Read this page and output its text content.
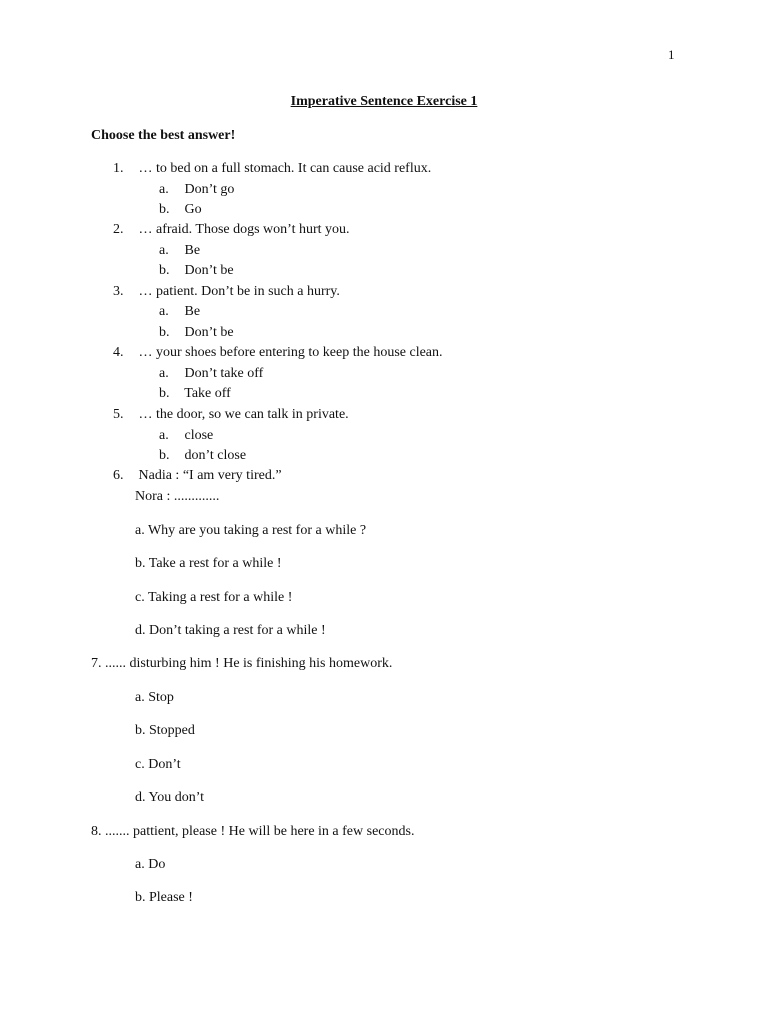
1
Imperative Sentence Exercise 1
Choose the best answer!
1. … to bed on a full stomach. It can cause acid reflux.
a. Don’t go
b. Go
2. … afraid. Those dogs won’t hurt you.
a. Be
b. Don’t be
3. … patient. Don’t be in such a hurry.
a. Be
b. Don’t be
4. … your shoes before entering to keep the house clean.
a. Don’t take off
b. Take off
5. … the door, so we can talk in private.
a. close
b. don’t close
6. Nadia : “I am very tired.”
Nora : .............
a. Why are you taking a rest for a while ?
b. Take a rest for a while !
c. Taking a rest for a while !
d. Don’t taking a rest for a while !
7. ...... disturbing him ! He is finishing his homework.
a. Stop
b. Stopped
c. Don’t
d. You don’t
8. ....... pattient, please ! He will be here in a few seconds.
a. Do
b. Please !
